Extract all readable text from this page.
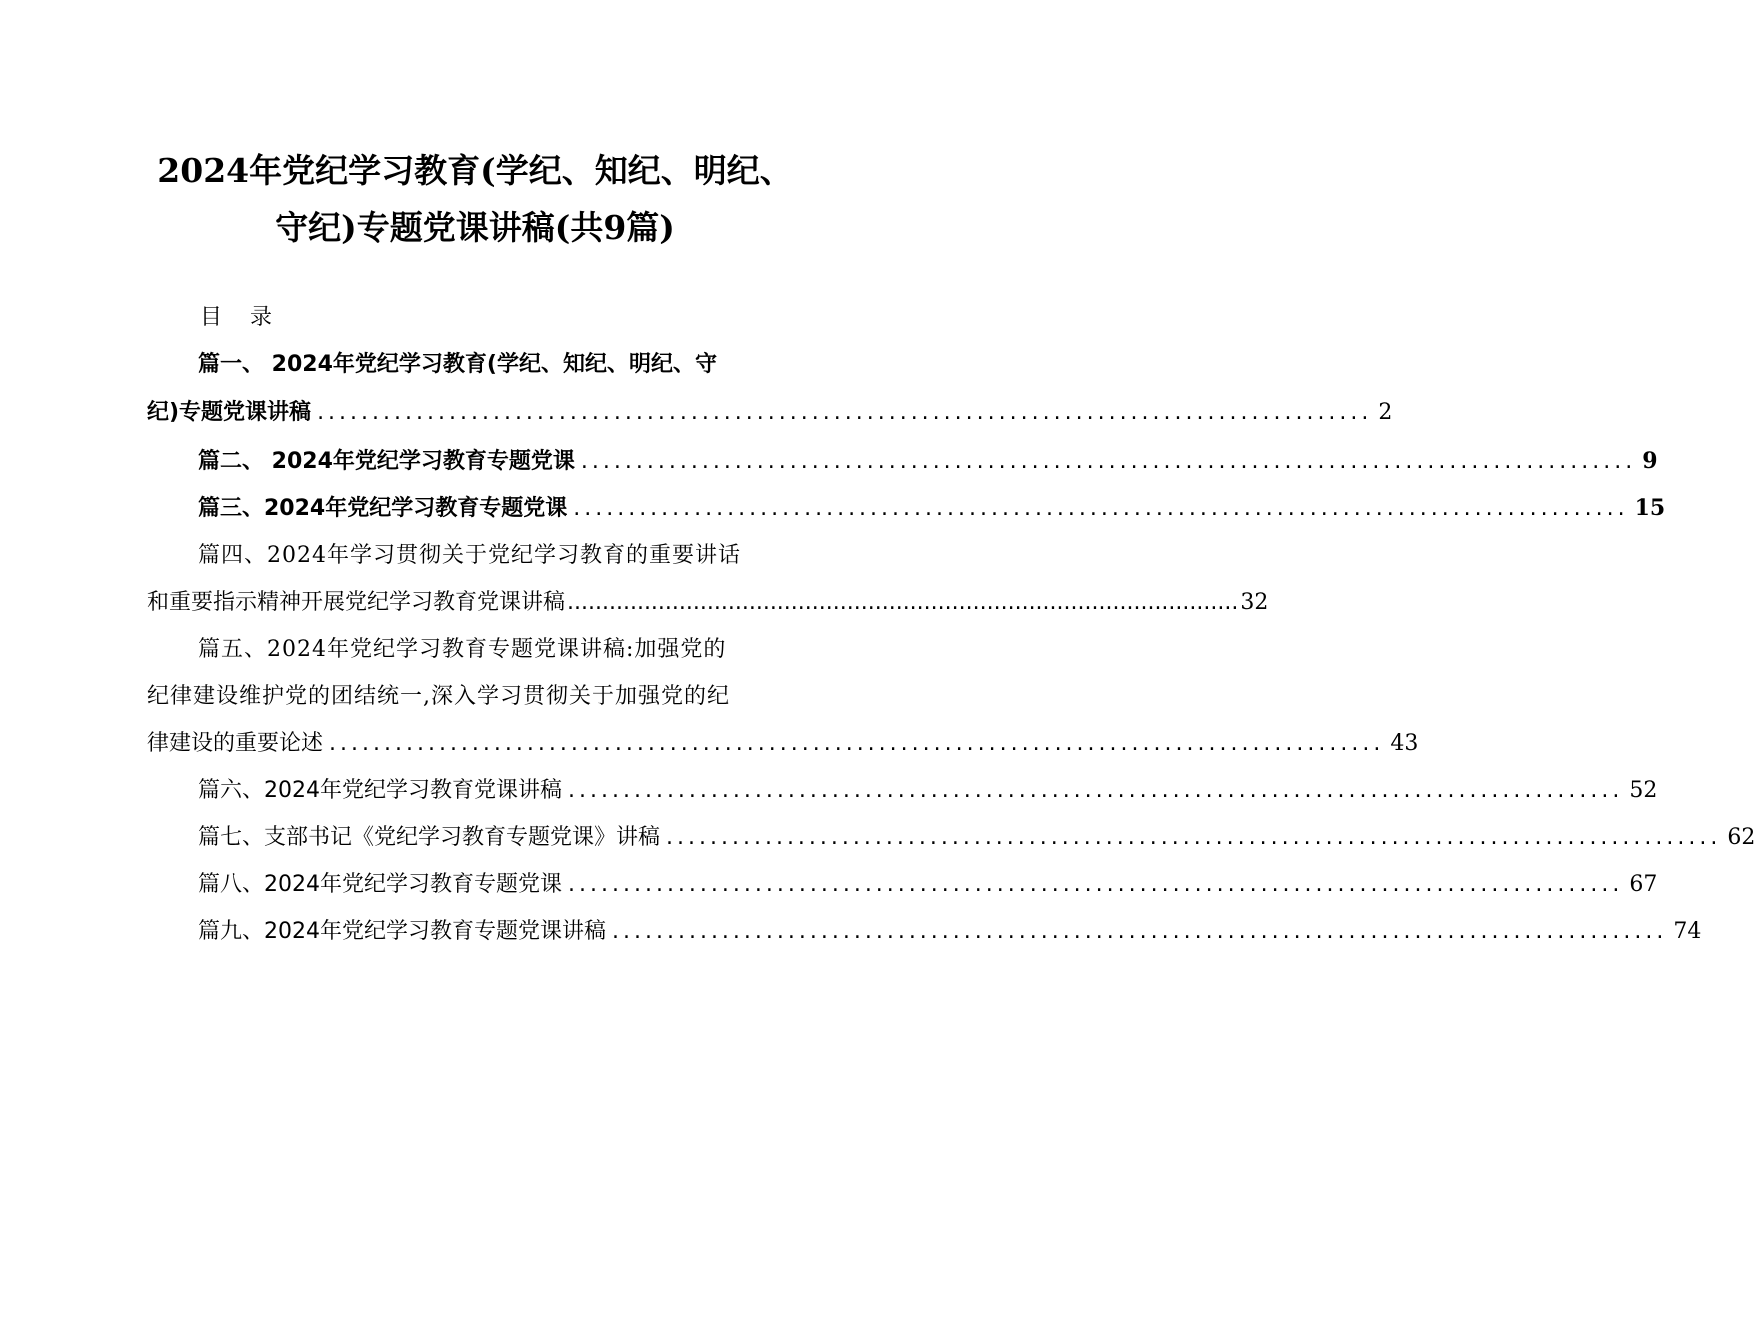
2024年党纪学习教育(学纪、知纪、明纪、
守纪)专题党课讲稿(共9篇)
目录
篇一、 2024年党纪学习教育(学纪、知纪、明纪、守
纪)专题党课讲稿 ................................................................................................ 2
篇二、 2024年党纪学习教育专题党课 ................................................................................................ 9
篇三、2024年党纪学习教育专题党课 ................................................................................................ 15
篇四、2024年学习贯彻关于党纪学习教育的重要讲话
和重要指示精神开展党纪学习教育党课讲稿 ................................................................................................ 32
篇五、2024年党纪学习教育专题党课讲稿:加强党的
纪律建设维护党的团结统一,深入学习贯彻关于加强党的纪
律建设的重要论述 ................................................................................................ 43
篇六、2024年党纪学习教育党课讲稿 ................................................................................................ 52
篇七、支部书记《党纪学习教育专题党课》讲稿 ................................................................................................ 62
篇八、2024年党纪学习教育专题党课 ................................................................................................ 67
篇九、2024年党纪学习教育专题党课讲稿 ................................................................................................ 74
